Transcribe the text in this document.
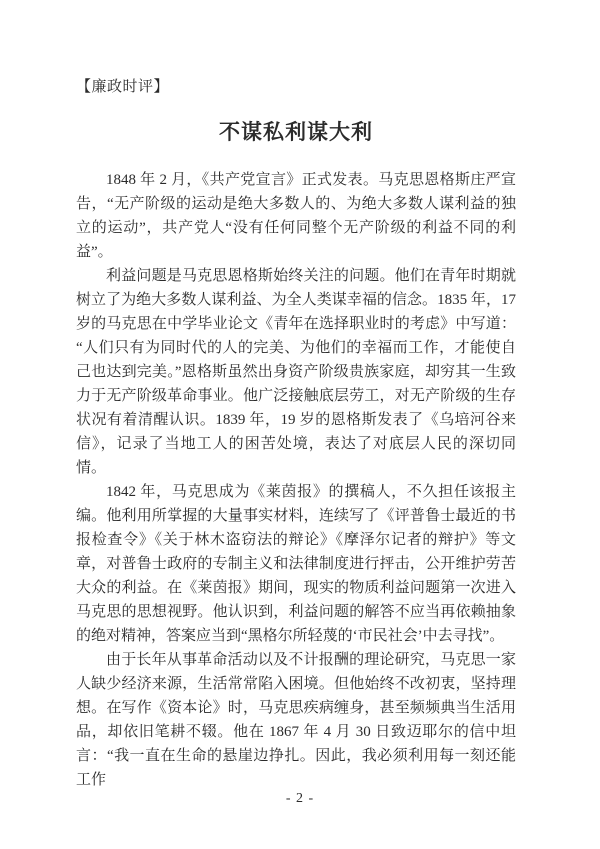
【廉政时评】
不谋私利谋大利

1848 年 2 月，《共产党宣言》正式发表。马克思恩格斯庄严宣告，“无产阶级的运动是绝大多数人的、为绝大多数人谋利益的独立的运动”，共产党人“没有任何同整个无产阶级的利益不同的利益”。

利益问题是马克思恩格斯始终关注的问题。他们在青年时期就树立了为绝大多数人谋利益、为全人类谋幸福的信念。1835 年，17 岁的马克思在中学毕业论文《青年在选择职业时的考虑》中写道：“人们只有为同时代的人的完美、为他们的幸福而工作，才能使自己也达到完美。”恩格斯虽然出身资产阶级贵族家庭，却穷其一生致力于无产阶级革命事业。他广泛接触底层劳工，对无产阶级的生存状况有着清醒认识。1839 年，19 岁的恩格斯发表了《乌培河谷来信》，记录了当地工人的困苦处境，表达了对底层人民的深切同情。

1842 年，马克思成为《莱茵报》的撰稿人，不久担任该报主编。他利用所掌握的大量事实材料，连续写了《评普鲁士最近的书报检查令》《关于林木盗窃法的辩论》《摩泽尔记者的辩护》等文章，对普鲁士政府的专制主义和法律制度进行抨击，公开维护劳苦大众的利益。在《莱茵报》期间，现实的物质利益问题第一次进入马克思的思想视野。他认识到，利益问题的解答不应当再依赖抽象的绝对精神，答案应当到“黑格尔所轻蔑的‘市民社会’中去寻找”。

由于长年从事革命活动以及不计报酬的理论研究，马克思一家人缺少经济来源，生活常常陷入困境。但他始终不改初衷，坚持理想。在写作《资本论》时，马克思疾病缠身，甚至频频典当生活用品，却依旧笔耕不辍。他在 1867 年 4 月 30 日致迈耶尔的信中坦言：“我一直在生命的悬崖边挣扎。因此，我必须利用每一刻还能工作

- 2 -
